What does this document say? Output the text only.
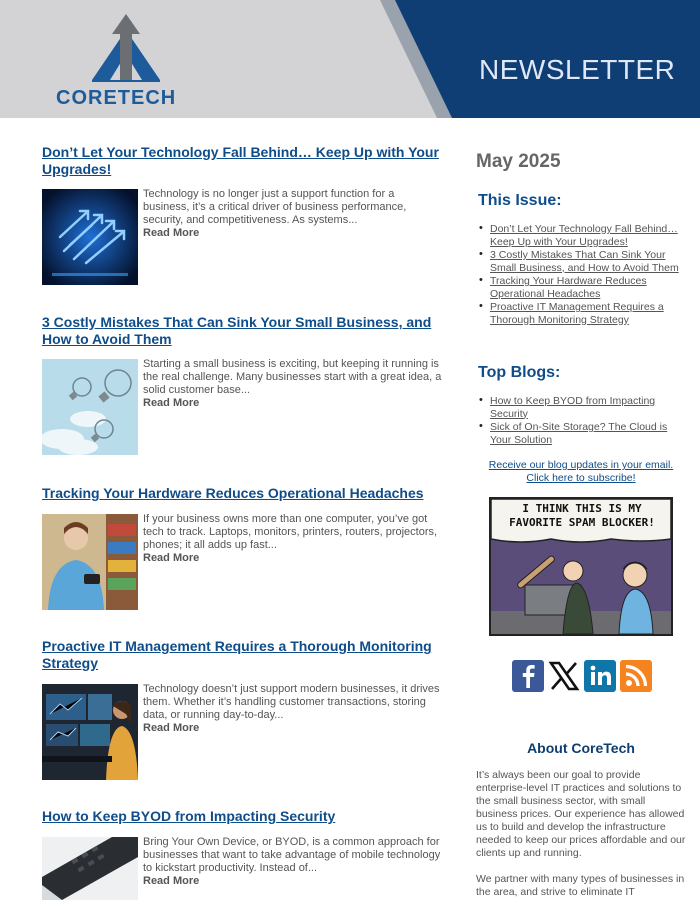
CORETECH
NEWSLETTER
Don’t Let Your Technology Fall Behind… Keep Up with Your Upgrades!
Technology is no longer just a support function for a business, it’s a critical driver of business performance, security, and competitiveness. As systems...
Read More
3 Costly Mistakes That Can Sink Your Small Business, and How to Avoid Them
Starting a small business is exciting, but keeping it running is the real challenge. Many businesses start with a great idea, a solid customer base...
Read More
Tracking Your Hardware Reduces Operational Headaches
If your business owns more than one computer, you’ve got tech to track. Laptops, monitors, printers, routers, projectors, phones; it all adds up fast...
Read More
Proactive IT Management Requires a Thorough Monitoring Strategy
Technology doesn’t just support modern businesses, it drives them. Whether it’s handling customer transactions, storing data, or running day-to-day...
Read More
How to Keep BYOD from Impacting Security
Bring Your Own Device, or BYOD, is a common approach for businesses that want to take advantage of mobile technology to kickstart productivity. Instead of...
Read More
May 2025
This Issue:
• Don’t Let Your Technology Fall Behind… Keep Up with Your Upgrades!
• 3 Costly Mistakes That Can Sink Your Small Business, and How to Avoid Them
• Tracking Your Hardware Reduces Operational Headaches
• Proactive IT Management Requires a Thorough Monitoring Strategy
Top Blogs:
• How to Keep BYOD from Impacting Security
• Sick of On-Site Storage? The Cloud is Your Solution
Receive our blog updates in your email. Click here to subscribe!
I THINK THIS IS MY FAVORITE SPAM BLOCKER!
About CoreTech

It’s always been our goal to provide enterprise-level IT practices and solutions to the small business sector, with small business prices. Our experience has allowed us to build and develop the infrastructure needed to keep our prices affordable and our clients up and running.

We partner with many types of businesses in the area, and strive to eliminate IT
